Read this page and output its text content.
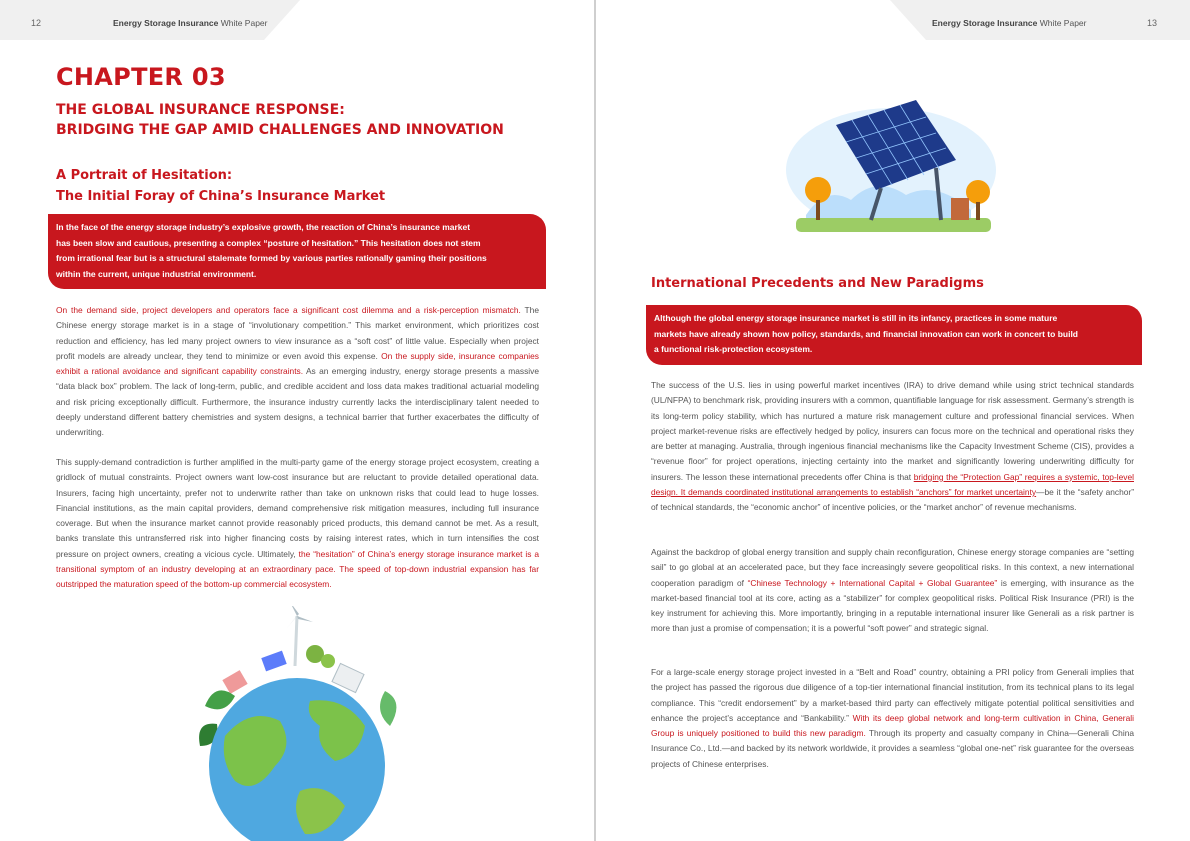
12	Energy Storage Insurance White Paper
CHAPTER 03
THE GLOBAL INSURANCE RESPONSE:
BRIDGING THE GAP AMID CHALLENGES AND INNOVATION
A Portrait of Hesitation:
The Initial Foray of China’s Insurance Market
In the face of the energy storage industry’s explosive growth, the reaction of China’s insurance market
has been slow and cautious, presenting a complex “posture of hesitation.” This hesitation does not stem
from irrational fear but is a structural stalemate formed by various parties rationally gaming their positions
within the current, unique industrial environment.
On the demand side, project developers and operators face a significant cost dilemma and a risk-perception mismatch. The Chinese energy storage market is in a stage of “involutionary competition.” This market environment, which prioritizes cost reduction and efficiency, has led many project owners to view insurance as a “soft cost” of little value. Especially when project profit models are already unclear, they tend to minimize or even avoid this expense. On the supply side, insurance companies exhibit a rational avoidance and significant capability constraints. As an emerging industry, energy storage presents a massive “data black box” problem. The lack of long-term, public, and credible accident and loss data makes traditional actuarial modeling and risk pricing exceptionally difficult. Furthermore, the insurance industry currently lacks the interdisciplinary talent needed to deeply understand different battery chemistries and system designs, a technical barrier that further exacerbates the difficulty of underwriting.
This supply-demand contradiction is further amplified in the multi-party game of the energy storage project ecosystem, creating a gridlock of mutual constraints. Project owners want low-cost insurance but are reluctant to provide detailed operational data. Insurers, facing high uncertainty, prefer not to underwrite rather than take on unknown risks that could lead to huge losses. Financial institutions, as the main capital providers, demand comprehensive risk mitigation measures, including full insurance coverage. But when the insurance market cannot provide reasonably priced products, this demand cannot be met. As a result, banks translate this untransferred risk into higher financing costs by raising interest rates, which in turn intensifies the cost pressure on project owners, creating a vicious cycle. Ultimately, the “hesitation” of China’s energy storage insurance market is a transitional symptom of an industry developing at an extraordinary pace. The speed of top-down industrial expansion has far outstripped the maturation speed of the bottom-up commercial ecosystem.
Energy Storage Insurance White Paper	13
International Precedents and New Paradigms
Although the global energy storage insurance market is still in its infancy, practices in some mature
markets have already shown how policy, standards, and financial innovation can work in concert to build
a functional risk-protection ecosystem.
The success of the U.S. lies in using powerful market incentives (IRA) to drive demand while using strict technical standards (UL/NFPA) to benchmark risk, providing insurers with a common, quantifiable language for risk assessment. Germany’s strength is its long-term policy stability, which has nurtured a mature risk management culture and professional financial services. When project market-revenue risks are effectively hedged by policy, insurers can focus more on the technical and operational risks they are better at managing. Australia, through ingenious financial mechanisms like the Capacity Investment Scheme (CIS), provides a “revenue floor” for project operations, injecting certainty into the market and significantly lowering underwriting difficulty for insurers. The lesson these international precedents offer China is that bridging the “Protection Gap” requires a systemic, top-level design. It demands coordinated institutional arrangements to establish “anchors” for market uncertainty—be it the “safety anchor” of technical standards, the “economic anchor” of incentive policies, or the “market anchor” of revenue mechanisms.
Against the backdrop of global energy transition and supply chain reconfiguration, Chinese energy storage companies are “setting sail” to go global at an accelerated pace, but they face increasingly severe geopolitical risks. In this context, a new international cooperation paradigm of “Chinese Technology + International Capital + Global Guarantee” is emerging, with insurance as the market-based financial tool at its core, acting as a “stabilizer” for complex geopolitical risks. Political Risk Insurance (PRI) is the key instrument for achieving this. More importantly, bringing in a reputable international insurer like Generali as a risk partner is more than just a promise of compensation; it is a powerful “soft power” and strategic signal.
For a large-scale energy storage project invested in a “Belt and Road” country, obtaining a PRI policy from Generali implies that the project has passed the rigorous due diligence of a top-tier international financial institution, from its technical plans to its legal compliance. This “credit endorsement” by a market-based third party can effectively mitigate potential political sensitivities and enhance the project’s acceptance and “Bankability.” With its deep global network and long-term cultivation in China, Generali Group is uniquely positioned to build this new paradigm. Through its property and casualty company in China—Generali China Insurance Co., Ltd.—and backed by its network worldwide, it provides a seamless “global one-net” risk guarantee for the overseas projects of Chinese enterprises.
